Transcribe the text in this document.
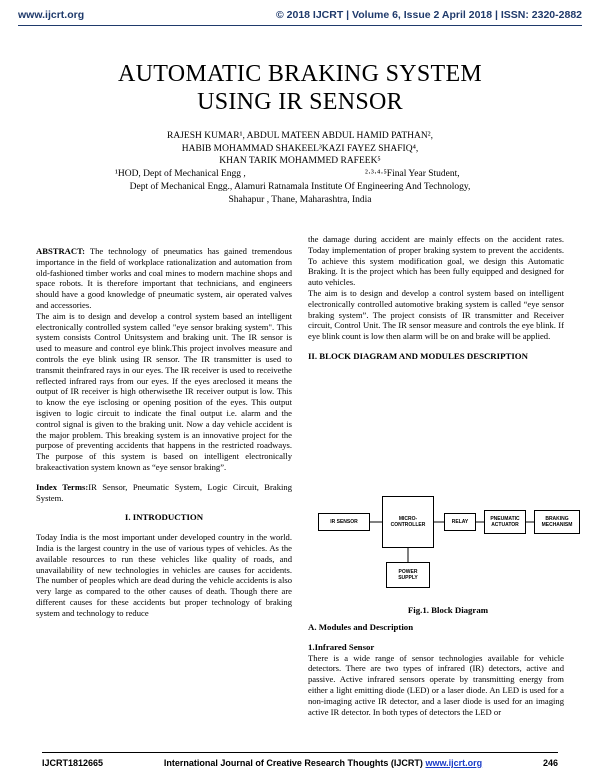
www.ijcrt.org	© 2018 IJCRT | Volume 6, Issue 2 April 2018 | ISSN: 2320-2882
AUTOMATIC BRAKING SYSTEM
USING IR SENSOR
RAJESH KUMAR¹, ABDUL MATEEN ABDUL HAMID PATHAN²,
HABIB MOHAMMAD SHAKEEL³KAZI FAYEZ SHAFIQ⁴,
KHAN TARIK MOHAMMED RAFEEK⁵
¹HOD, Dept of Mechanical Engg ,	²·³·⁴·⁵Final Year Student,
Dept of Mechanical Engg., Alamuri Ratnamala Institute Of Engineering And Technology,
Shahapur , Thane, Maharashtra, India

ABSTRACT: The technology of pneumatics has gained tremendous importance in the field of workplace rationalization and automation from old-fashioned timber works and coal mines to modern machine shops and space robots. It is therefore important that technicians, and engineers should have a good knowledge of pneumatic system, air operated valves and accessories.

The aim is to design and develop a control system based an intelligent electronically controlled system called "eye sensor braking system". This system consists Control Unitsystem and braking unit. The IR sensor is used to measure and control eye blink.This project involves measure and controls the eye blink using IR sensor. The IR transmitter is used to transmit theinfrared rays in our eyes. The IR receiver is used to receivethe reflected infrared rays from our eyes. If the eyes areclosed it means the output of IR receiver is high otherwisethe IR receiver output is low. This to know the eye isclosing or opening position of the eyes. This output isgiven to logic circuit to indicate the final output i.e. alarm and the control signal is given to the braking unit. Now a day vehicle accident is the major problem. This breaking system is an innovative project for the purpose of preventing accidents that happens in the restricted roadways. The purpose of this system is based on intelligent electronically brakeactivation system known as “eye sensor braking”.

Index Terms:IR Sensor, Pneumatic System, Logic Circuit, Braking System.

I. INTRODUCTION

Today India is the most important under developed country in the world. India is the largest country in the use of various types of vehicles. As the available resources to run these vehicles like quality of roads, and unavailability of new technologies in vehicles are causes for accidents. The number of peoples which are dead during the vehicle accidents is also very large as compared to the other causes of death. Though there are different causes for these accidents but proper technology of braking system and technology to reduce

the damage during accident are mainly effects on the accident rates. Today implementation of proper braking system to prevent the accidents. To achieve this system modification goal, we design this Automatic Braking. It is the project which has been fully equipped and designed for auto vehicles.

The aim is to design and develop a control system based on intelligent electronically controlled automotive braking system is called “eye sensor braking system”. The project consists of IR transmitter and Receiver circuit, Control Unit. The IR sensor measure and controls the eye blink. If eye blink count is low then alarm will be on and brake will be applied.

II. BLOCK DIAGRAM AND MODULES DESCRIPTION

IR SENSOR	MICRO-
CONTROLLER	RELAY	PNEUMATIC
ACTUATOR
BRAKING
MECHANISM
POWER
SUPPLY
Fig.1. Block Diagram

A. Modules and Description

1.Infrared Sensor

There is a wide range of sensor technologies available for vehicle detectors. There are two types of infrared (IR) detectors, active and passive. Active infrared sensors operate by transmitting energy from either a light emitting diode (LED) or a laser diode. An LED is used for a non-imaging active IR detector, and a laser diode is used for an imaging active IR detector. In both types of detectors the LED or

IJCRT1812665	International Journal of Creative Research Thoughts (IJCRT) www.ijcrt.org	246
